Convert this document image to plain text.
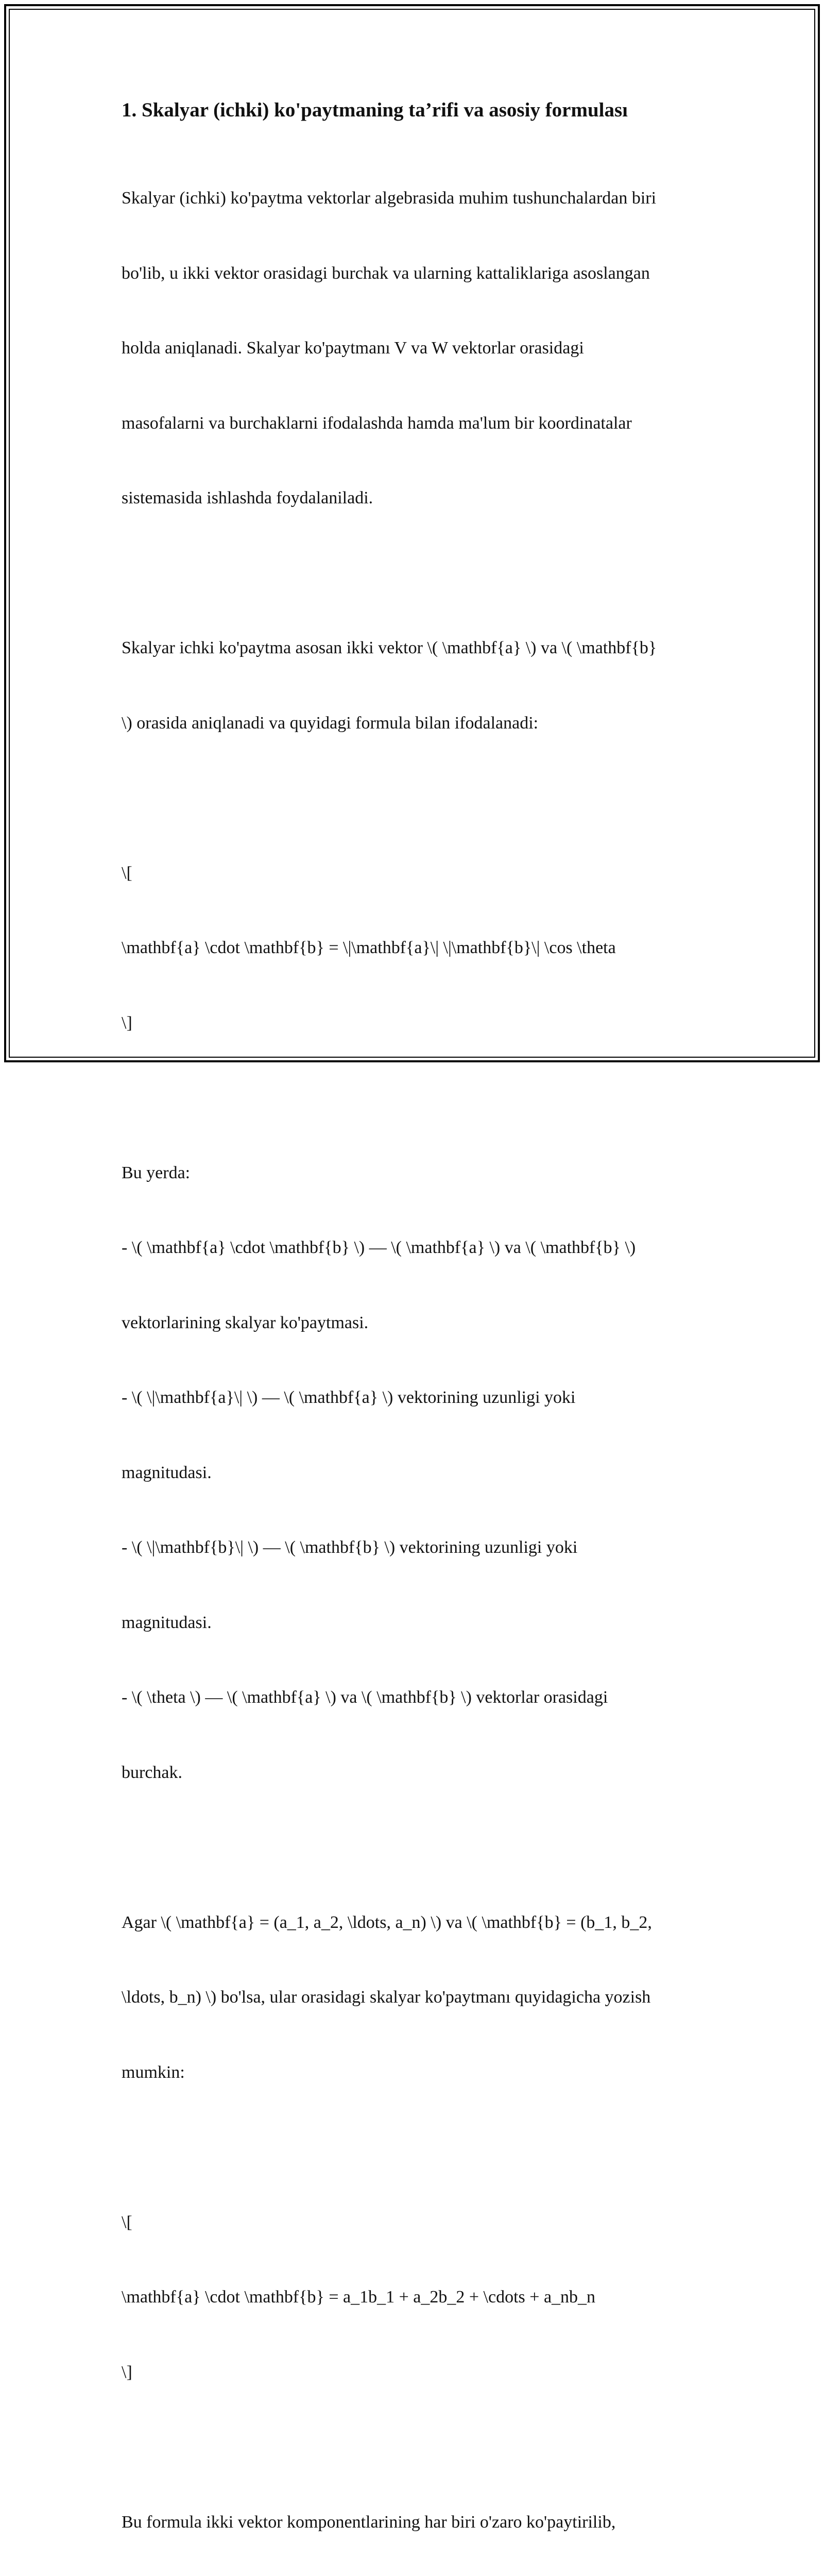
1. Skalyar (ichki) ko'paytmaning ta’rifi va asosiy formulası

Skalyar (ichki) ko'paytma vektorlar algebrasida muhim tushunchalardan biri

bo'lib, u ikki vektor orasidagi burchak va ularning kattaliklariga asoslangan

holda aniqlanadi. Skalyar ko'paytmanı V va W vektorlar orasidagi

masofalarni va burchaklarni ifodalashda hamda ma'lum bir koordinatalar

sistemasida ishlashda foydalaniladi.

Skalyar ichki ko'paytma asosan ikki vektor \( \mathbf{a} \) va \( \mathbf{b}

\) orasida aniqlanadi va quyidagi formula bilan ifodalanadi:

\[

\mathbf{a} \cdot \mathbf{b} = \|\mathbf{a}\| \|\mathbf{b}\| \cos \theta

\]

Bu yerda:

- \( \mathbf{a} \cdot \mathbf{b} \) — \( \mathbf{a} \) va \( \mathbf{b} \)

vektorlarining skalyar ko'paytmasi.

- \( \|\mathbf{a}\| \) — \( \mathbf{a} \) vektorining uzunligi yoki

magnitudasi.

- \( \|\mathbf{b}\| \) — \( \mathbf{b} \) vektorining uzunligi yoki

magnitudasi.

- \( \theta \) — \( \mathbf{a} \) va \( \mathbf{b} \) vektorlar orasidagi

burchak.

Agar \( \mathbf{a} = (a_1, a_2, \ldots, a_n) \) va \( \mathbf{b} = (b_1, b_2,

\ldots, b_n) \) bo'lsa, ular orasidagi skalyar ko'paytmanı quyidagicha yozish

mumkin:

\[

\mathbf{a} \cdot \mathbf{b} = a_1b_1 + a_2b_2 + \cdots + a_nb_n

\]

Bu formula ikki vektor komponentlarining har biri o'zaro ko'paytirilib,
